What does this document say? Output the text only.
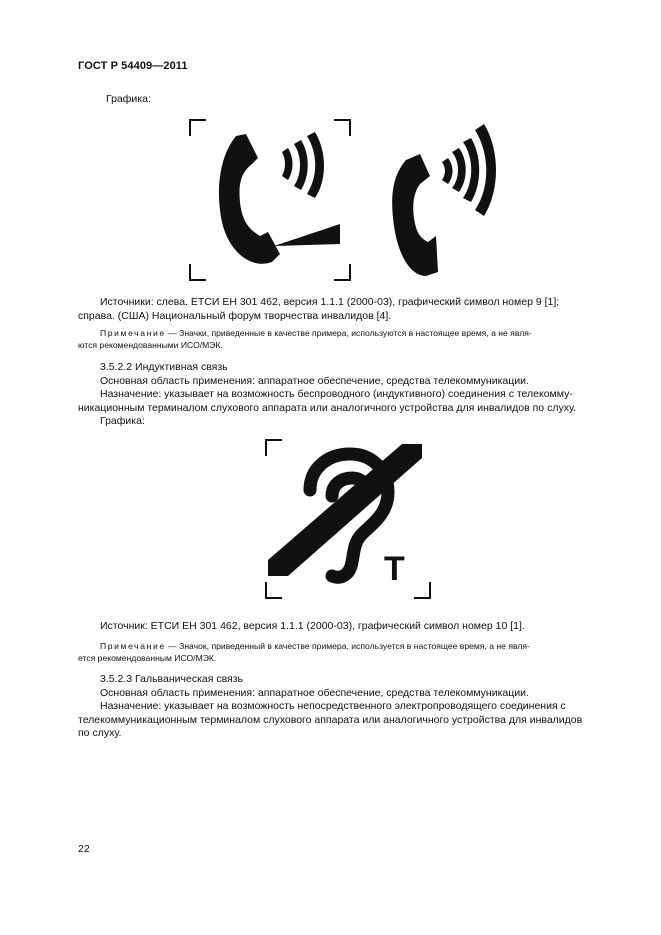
ГОСТ Р 54409—2011
Графика:

Источники: слева. ЕТСИ ЕН 301 462, версия 1.1.1 (2000-03), графический символ номер 9 [1];

справа. (США) Национальный форум творчества инвалидов [4].

Примечание — Значки, приведенные в качестве примера, используются в настоящее время, а не явля-
ются рекомендованными ИСО/МЭК.

3.5.2.2 Индуктивная связь

Основная область применения: аппаратное обеспечение, средства телекоммуникации.

Назначение: указывает на возможность беспроводного (индуктивного) соединения с телекомму-

никационным терминалом слухового аппарата или аналогичного устройства для инвалидов по слуху.

Графика:

T

Источник: ЕТСИ ЕН 301 462, версия 1.1.1 (2000-03), графический символ номер 10 [1].

Примечание — Значок, приведенный в качестве примера, используется в настоящее время, а не явля-
ется рекомендованным ИСО/МЭК.

3.5.2.3 Гальваническая связь

Основная область применения: аппаратное обеспечение, средства телекоммуникации.

Назначение: указывает на возможность непосредственного электропроводящего соединения с

телекоммуникационным терминалом слухового аппарата или аналогичного устройства для инвалидов

по слуху.

22
